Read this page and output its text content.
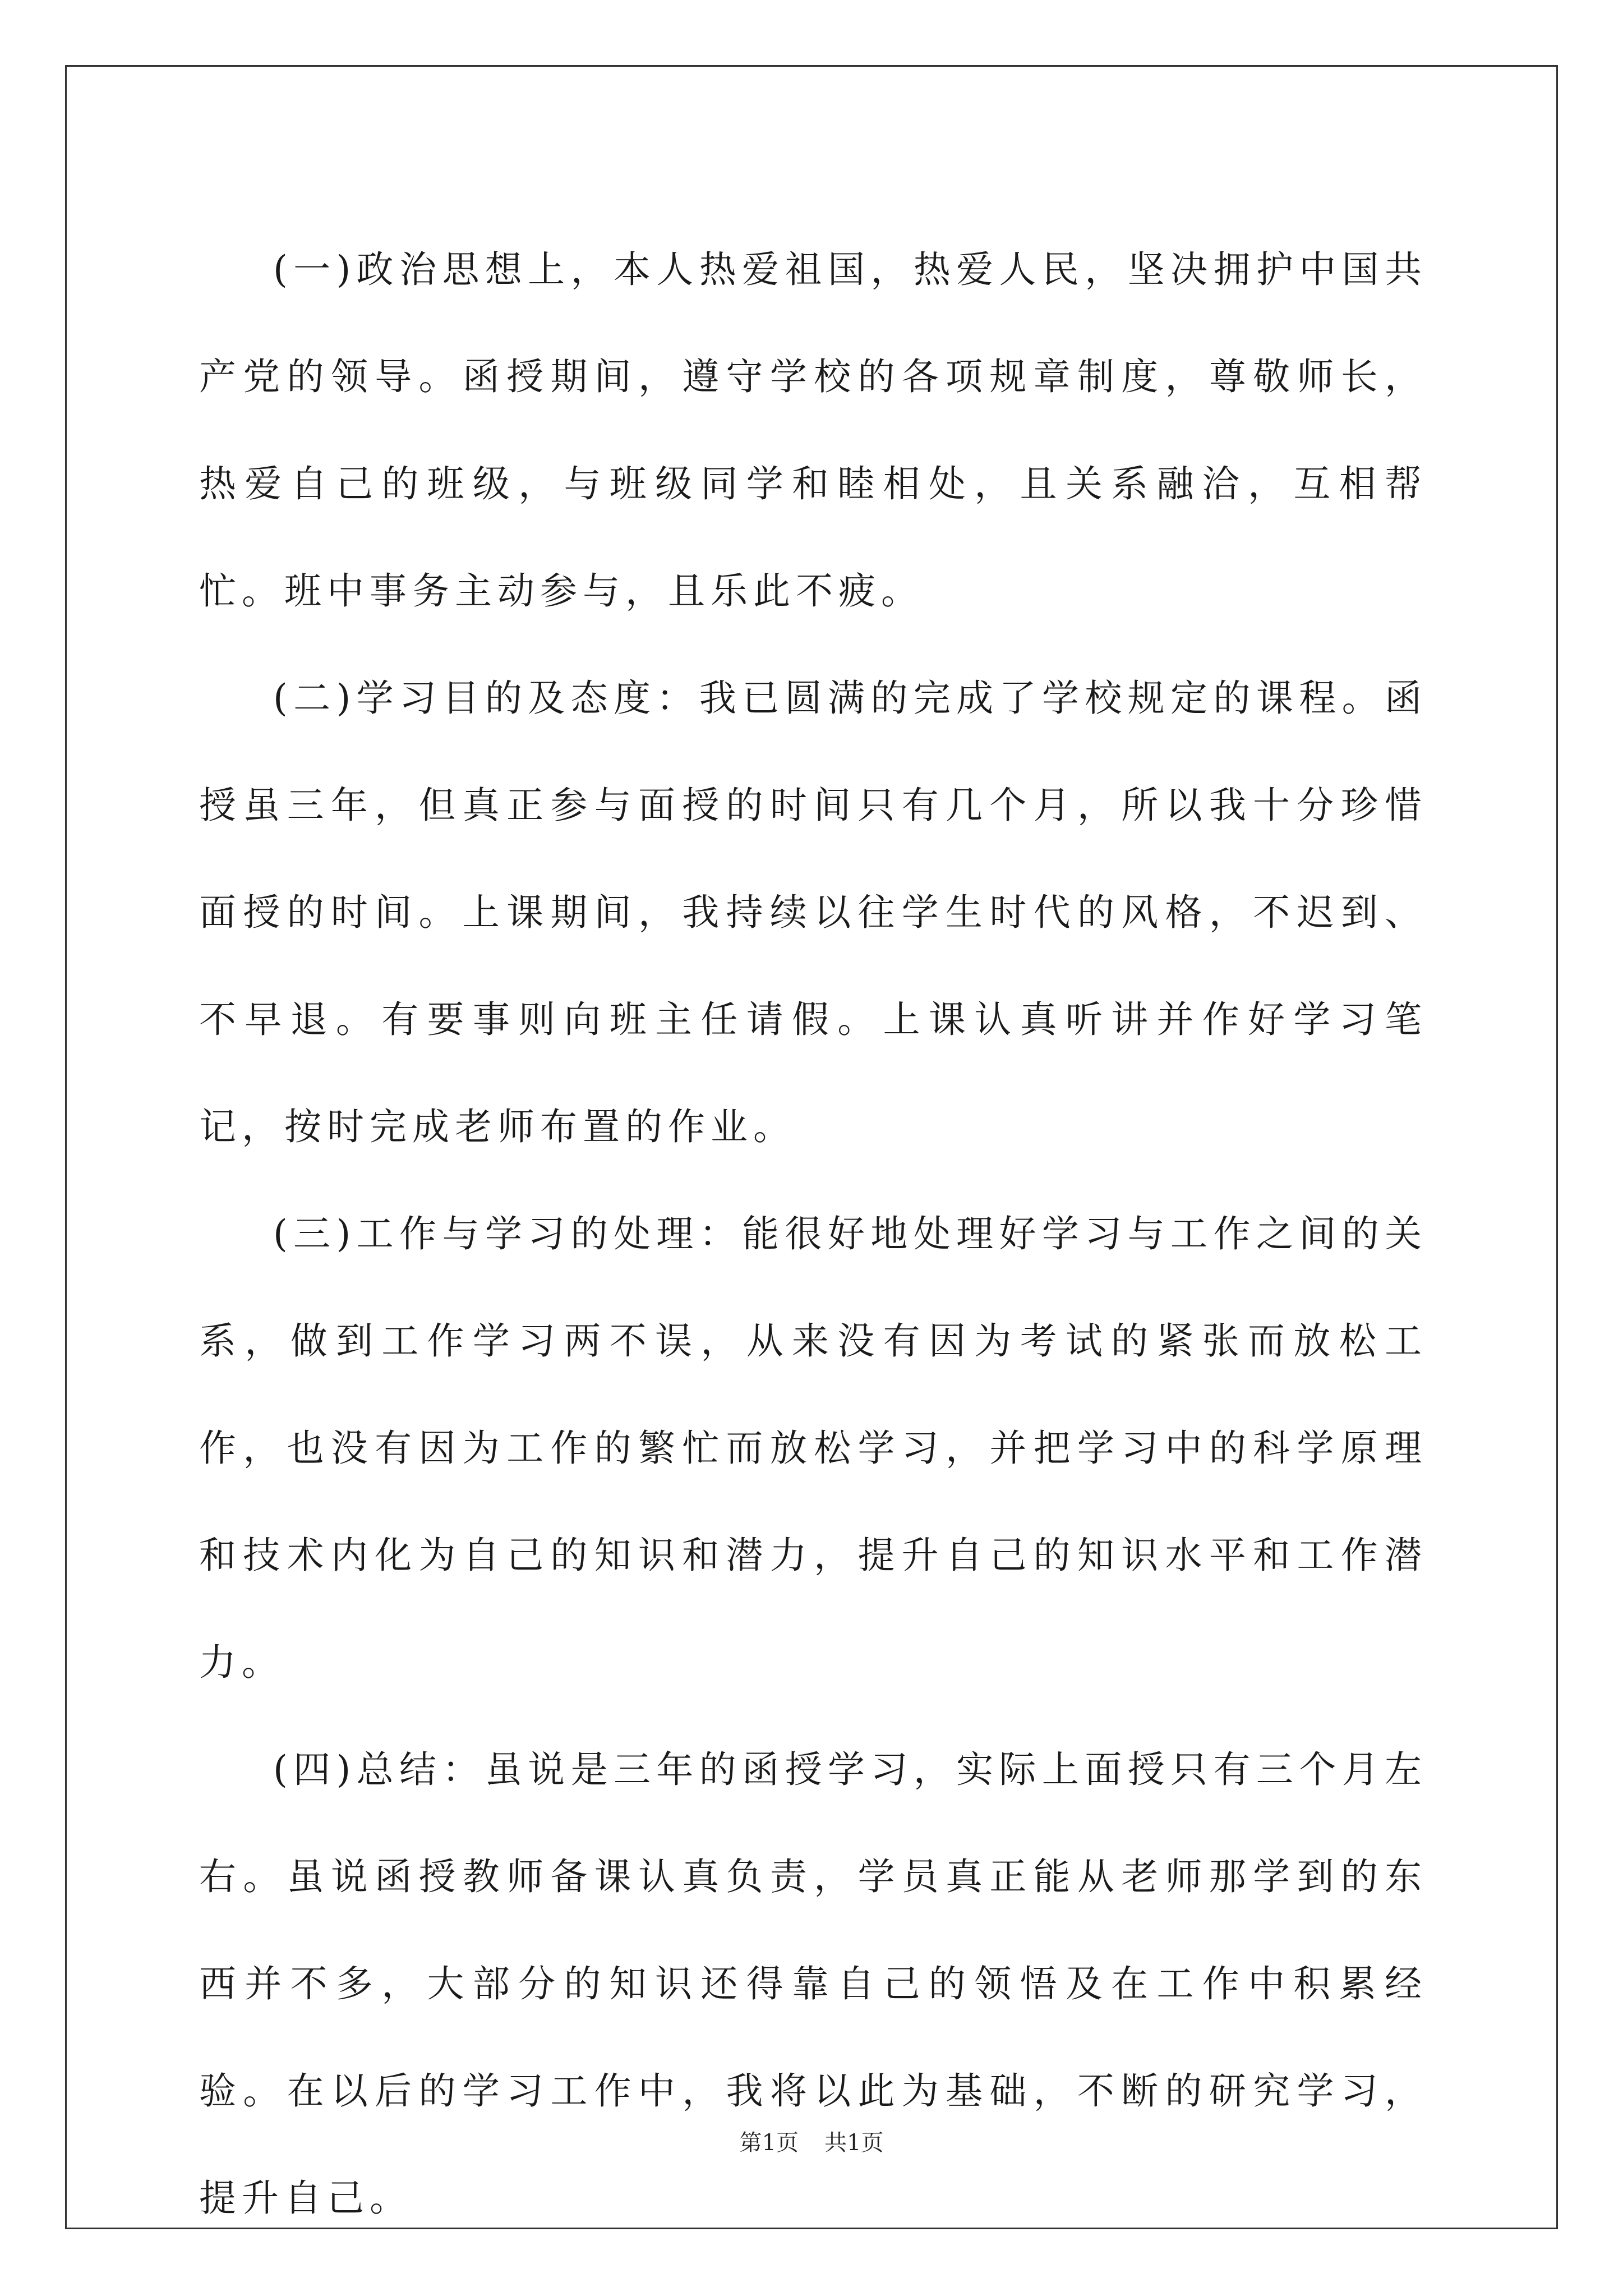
(一)政治思想上，本人热爱祖国，热爱人民，坚决拥护中国共产党的领导。函授期间，遵守学校的各项规章制度，尊敬师长，热爱自己的班级，与班级同学和睦相处，且关系融洽，互相帮忙。班中事务主动参与，且乐此不疲。

(二)学习目的及态度：我已圆满的完成了学校规定的课程。函授虽三年，但真正参与面授的时间只有几个月，所以我十分珍惜面授的时间。上课期间，我持续以往学生时代的风格，不迟到、不早退。有要事则向班主任请假。上课认真听讲并作好学习笔记，按时完成老师布置的作业。

(三)工作与学习的处理：能很好地处理好学习与工作之间的关系，做到工作学习两不误，从来没有因为考试的紧张而放松工作，也没有因为工作的繁忙而放松学习，并把学习中的科学原理和技术内化为自己的知识和潜力，提升自己的知识水平和工作潜力。

(四)总结：虽说是三年的函授学习，实际上面授只有三个月左右。虽说函授教师备课认真负责，学员真正能从老师那学到的东西并不多，大部分的知识还得靠自己的领悟及在工作中积累经验。在以后的学习工作中，我将以此为基础，不断的研究学习，提升自己。

第1页 共1页
